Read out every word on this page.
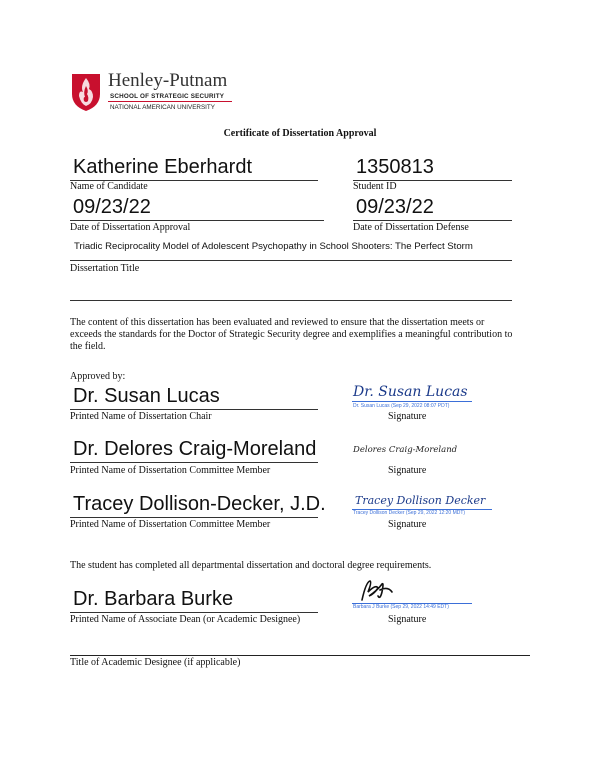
Henley-Putnam
SCHOOL OF STRATEGIC SECURITY
NATIONAL AMERICAN UNIVERSITY
Certificate of Dissertation Approval
Katherine Eberhardt
Name of Candidate
1350813
Student ID
09/23/22
Date of Dissertation Approval
09/23/22
Date of Dissertation Defense
Triadic Reciprocality Model of Adolescent Psychopathy in School Shooters: The Perfect Storm
Dissertation Title
The content of this dissertation has been evaluated and reviewed to ensure that the dissertation meets or exceeds the standards for the Doctor of Strategic Security degree and exemplifies a meaningful contribution to the field.
Approved by:
Dr. Susan Lucas
Printed Name of Dissertation Chair
Dr. Susan Lucas
Dr. Susan Lucas (Sep 29, 2022 08:07 PDT)
Signature
Dr. Delores Craig-Moreland
Printed Name of Dissertation Committee Member
Delores Craig-Moreland
Signature
Tracey Dollison-Decker, J.D.
Printed Name of Dissertation Committee Member
Tracey Dollison Decker
Tracey Dollison Decker (Sep 29, 2022 12:20 MDT)
Signature
The student has completed all departmental dissertation and doctoral degree requirements.
Dr. Barbara Burke
Printed Name of Associate Dean (or Academic Designee)
Barbara J Burke (Sep 29, 2022 14:49 EDT)
Signature
Title of Academic Designee (if applicable)
